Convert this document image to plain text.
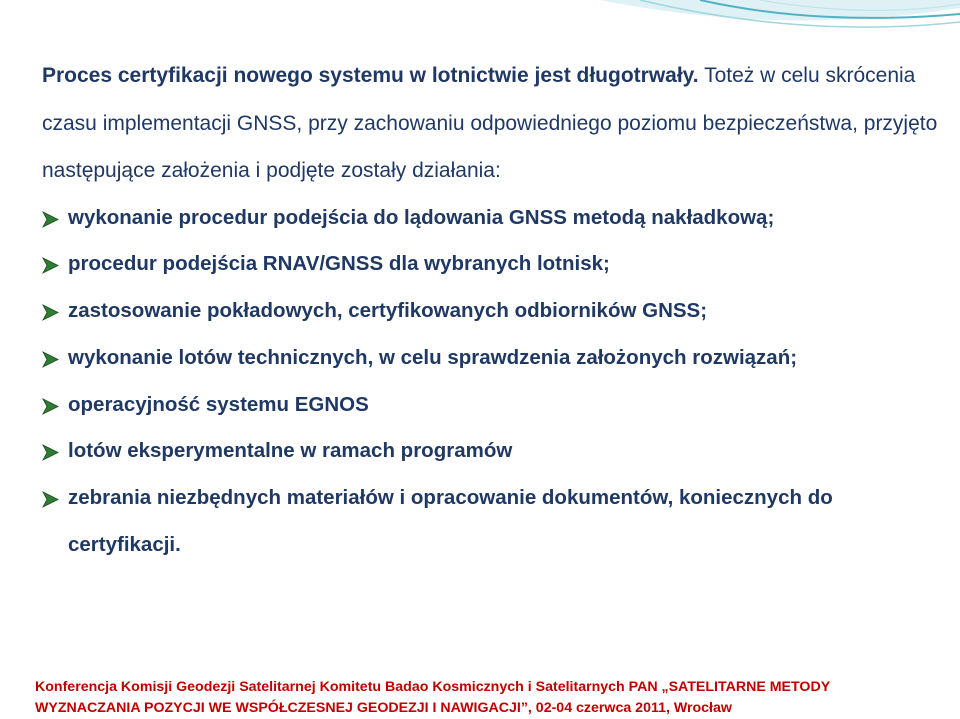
Proces certyfikacji nowego systemu w lotnictwie jest długotrwały. Toteż w celu skrócenia czasu implementacji GNSS, przy zachowaniu odpowiedniego poziomu bezpieczeństwa, przyjęto następujące założenia i podjęte zostały działania:

wykonanie procedur podejścia do lądowania GNSS metodą nakładkową;
procedur podejścia RNAV/GNSS dla wybranych lotnisk;
zastosowanie pokładowych, certyfikowanych odbiorników GNSS;
wykonanie lotów technicznych, w celu sprawdzenia założonych rozwiązań;
operacyjność systemu EGNOS
lotów eksperymentalne w ramach programów
zebrania niezbędnych materiałów i opracowanie dokumentów, koniecznych do certyfikacji.
Konferencja Komisji Geodezji Satelitarnej Komitetu Badao Kosmicznych i Satelitarnych PAN „SATELITARNE METODY
WYZNACZANIA POZYCJI WE WSPÓŁCZESNEJ GEODEZJI I NAWIGACJI”, 02-04 czerwca 2011, Wrocław
